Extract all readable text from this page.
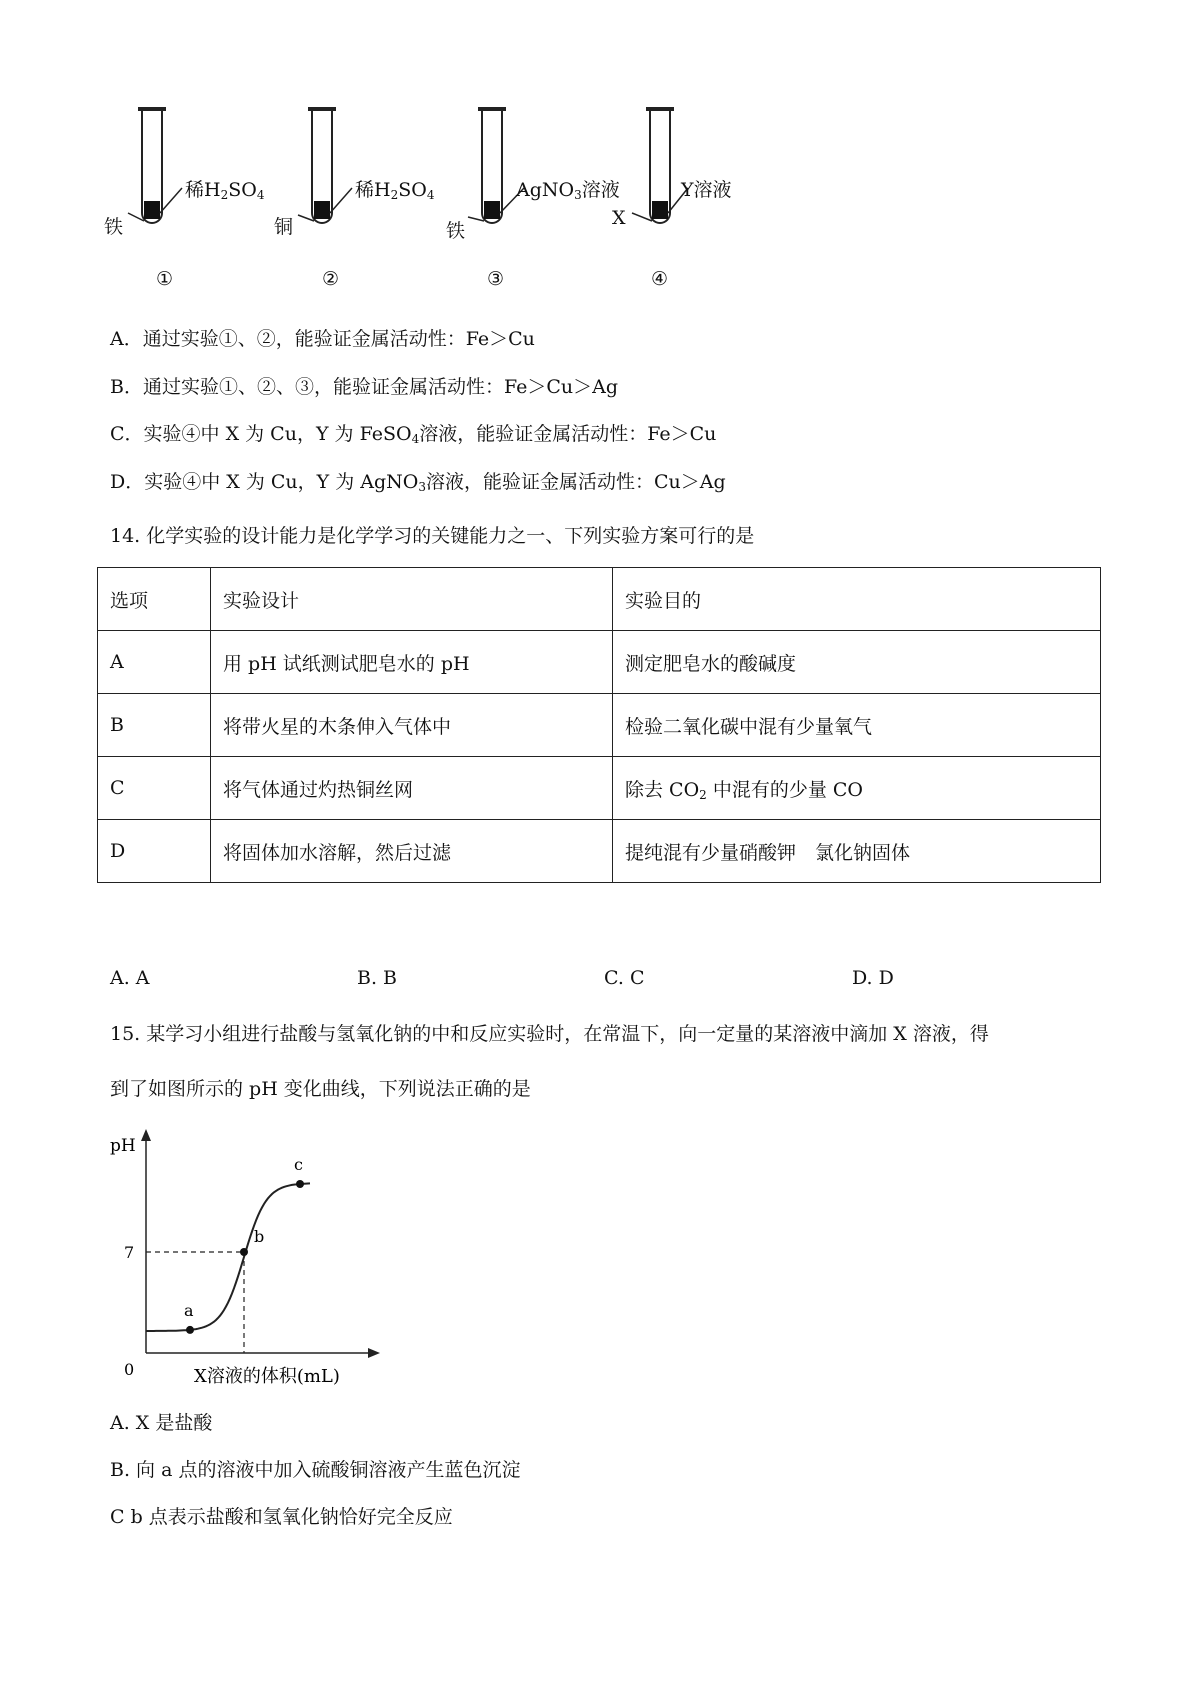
稀$H_2SO_4$
铁
①
稀$H_2SO_4$
铜
②
AgNO$_3$溶液
铁
③
Y溶液
X
④
A．通过实验①、②，能验证金属活动性：Fe＞Cu
B．通过实验①、②、③，能验证金属活动性：Fe＞Cu＞Ag
C．实验④中 X 为 Cu，Y 为 FeSO$_4$溶液，能验证金属活动性：Fe＞Cu
D．实验④中 X 为 Cu，Y 为 AgNO$_3$溶液，能验证金属活动性：Cu＞Ag
14. 化学实验的设计能力是化学学习的关键能力之一、下列实验方案可行的是
选项	实验设计	实验目的
A	用 pH 试纸测试肥皂水的 pH	测定肥皂水的酸碱度
B	将带火星的木条伸入气体中	检验二氧化碳中混有少量氧气
C	将气体通过灼热铜丝网	除去 $CO_2$ 中混有的少量 CO
D	将固体加水溶解，然后过滤	提纯混有少量硝酸钾　氯化钠固体
A. A	B. B	C. C	D. D
15. 某学习小组进行盐酸与氢氧化钠的中和反应实验时，在常温下，向一定量的某溶液中滴加 X 溶液，得
到了如图所示的 pH 变化曲线，下列说法正确的是
a
b
c
pH
7
0	X溶液的体积(mL)
A. X 是盐酸
B. 向 a 点的溶液中加入硫酸铜溶液产生蓝色沉淀
C b 点表示盐酸和氢氧化钠恰好完全反应
